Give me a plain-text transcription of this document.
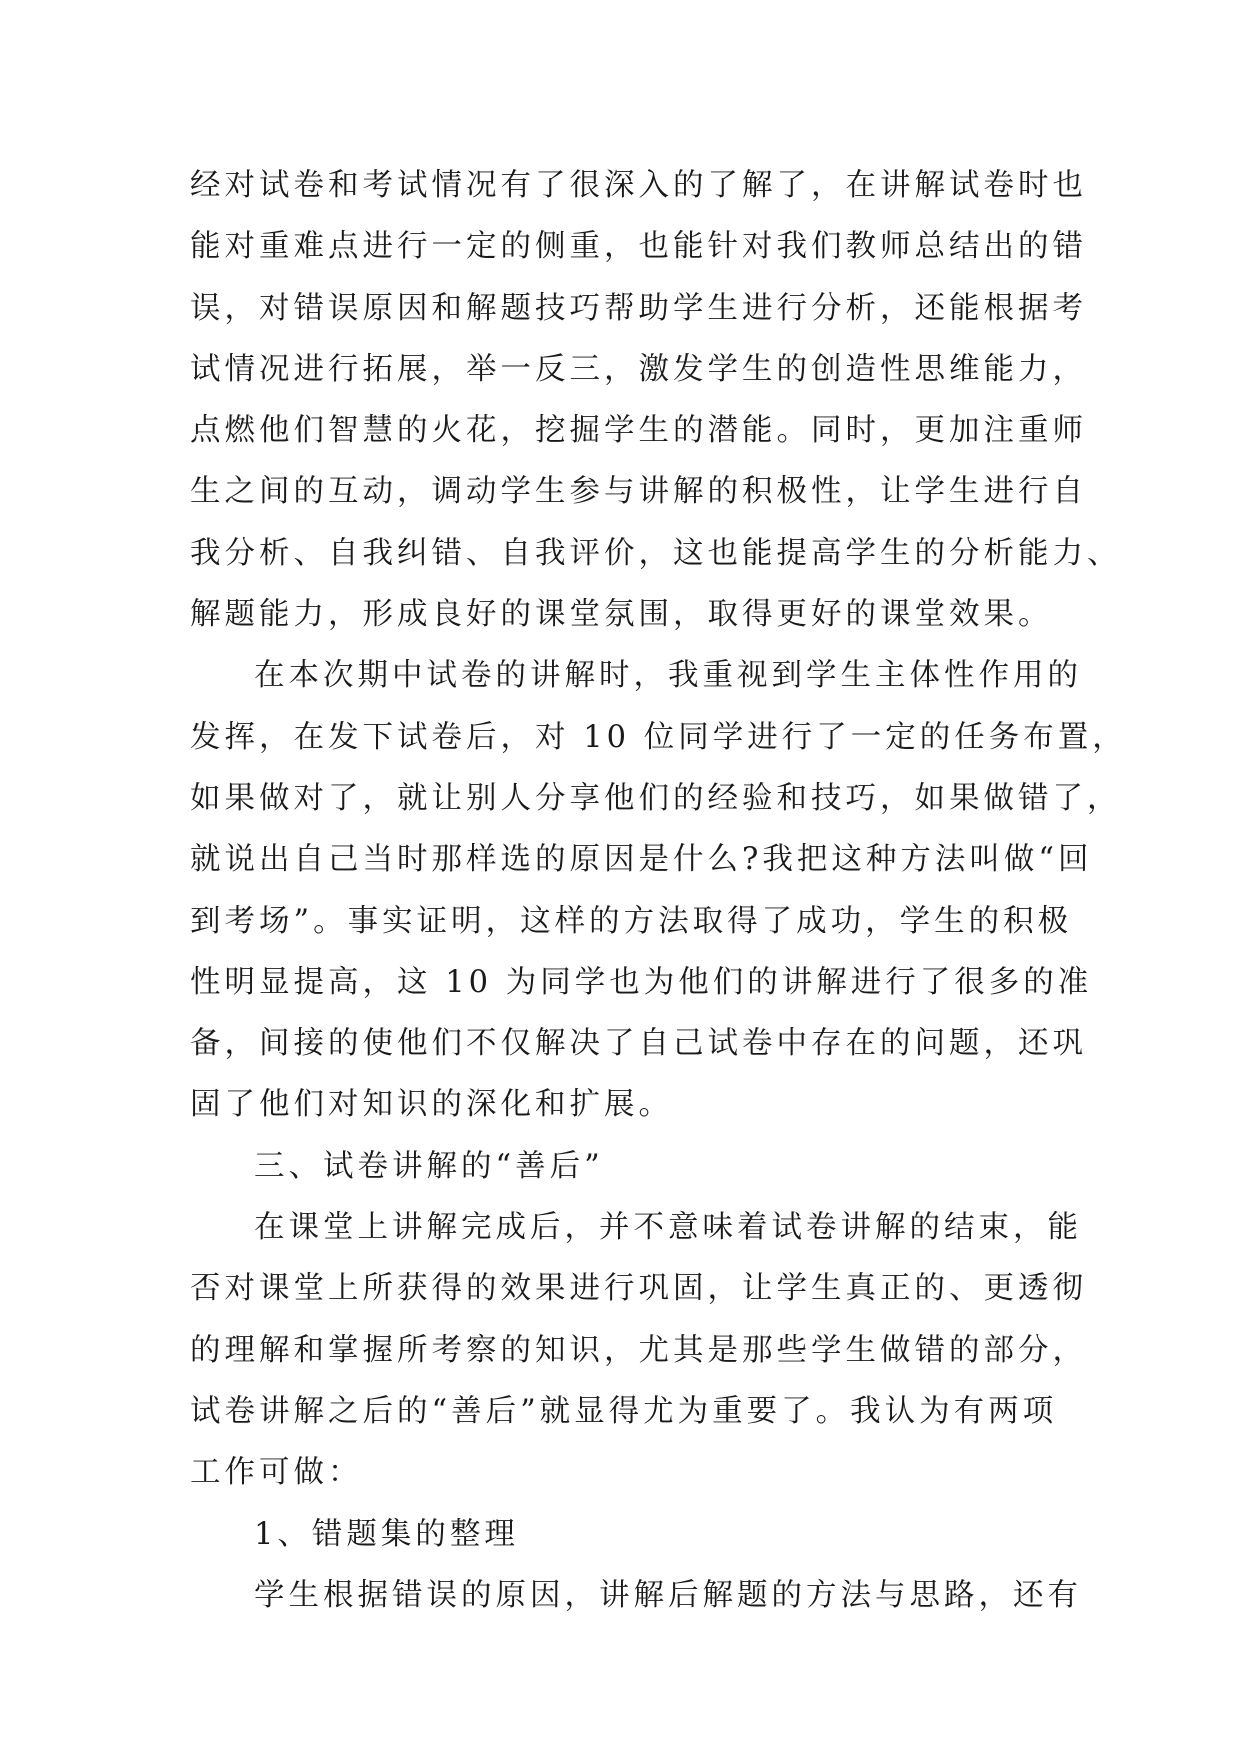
经对试卷和考试情况有了很深入的了解了，在讲解试卷时也
能对重难点进行一定的侧重，也能针对我们教师总结出的错
误，对错误原因和解题技巧帮助学生进行分析，还能根据考
试情况进行拓展，举一反三，激发学生的创造性思维能力，
点燃他们智慧的火花，挖掘学生的潜能。同时，更加注重师
生之间的互动，调动学生参与讲解的积极性，让学生进行自
我分析、自我纠错、自我评价，这也能提高学生的分析能力、
解题能力，形成良好的课堂氛围，取得更好的课堂效果。
在本次期中试卷的讲解时，我重视到学生主体性作用的
发挥，在发下试卷后，对 10 位同学进行了一定的任务布置，
如果做对了，就让别人分享他们的经验和技巧，如果做错了，
就说出自己当时那样选的原因是什么?我把这种方法叫做“回
到考场”。事实证明，这样的方法取得了成功，学生的积极
性明显提高，这 10 为同学也为他们的讲解进行了很多的准
备，间接的使他们不仅解决了自己试卷中存在的问题，还巩
固了他们对知识的深化和扩展。
三、试卷讲解的“善后”
在课堂上讲解完成后，并不意味着试卷讲解的结束，能
否对课堂上所获得的效果进行巩固，让学生真正的、更透彻
的理解和掌握所考察的知识，尤其是那些学生做错的部分，
试卷讲解之后的“善后”就显得尤为重要了。我认为有两项
工作可做：
1、错题集的整理
学生根据错误的原因，讲解后解题的方法与思路，还有
